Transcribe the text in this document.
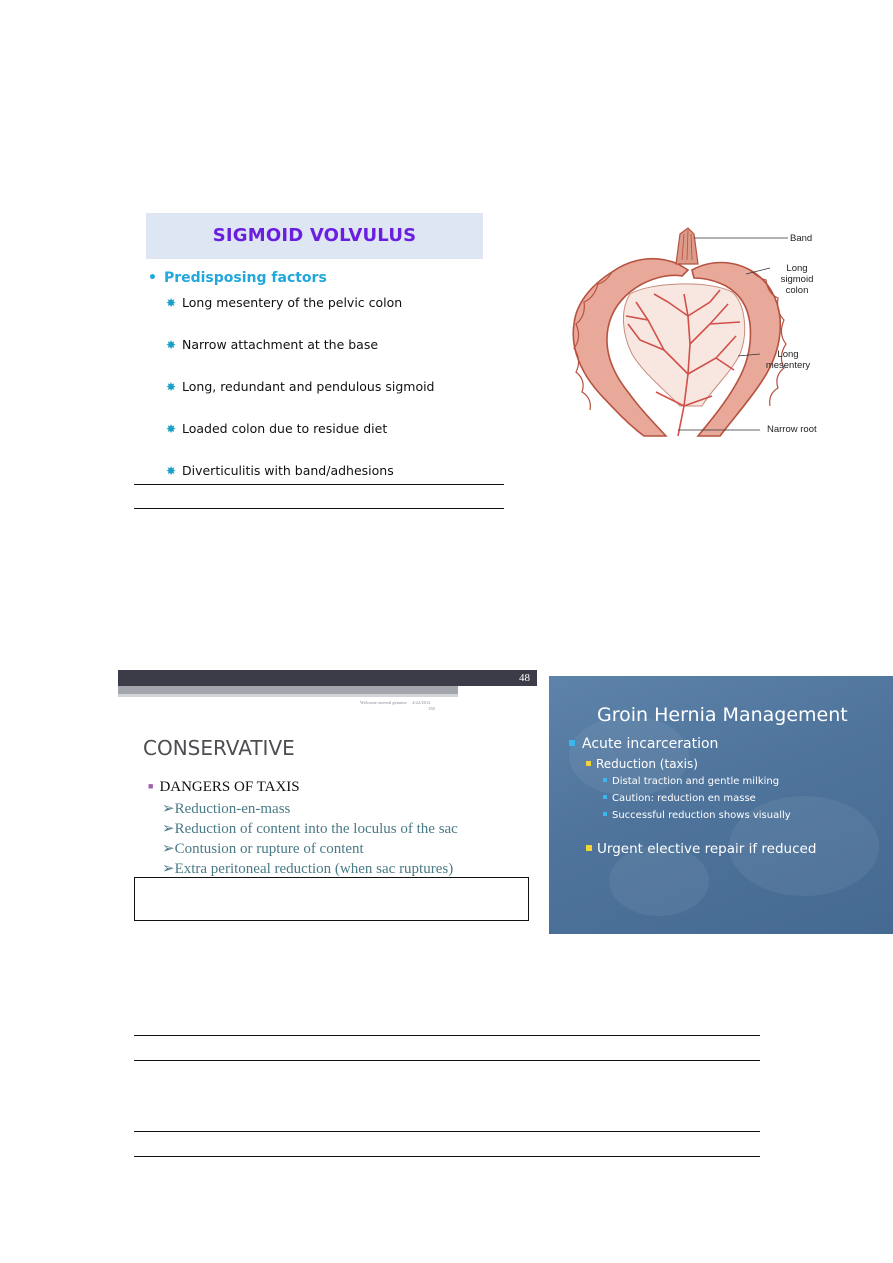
SIGMOID VOLVULUS
• Predisposing factors
✸ Long mesentery of the pelvic colon
✸ Narrow attachment at the base
✸ Long, redundant and pendulous sigmoid
✸ Loaded colon due to residue diet
✸ Diverticulitis with band/adhesions
Band
Long
sigmoid
colon
Long
mesentery
Narrow root
48
Welcome onereal genuine 4/22/2012
158
CONSERVATIVE
■ DANGERS OF TAXIS
➢Reduction-en-mass
➢Reduction of content into the loculus of the sac
➢Contusion or rupture of content
➢Extra peritoneal reduction (when sac ruptures)
Groin Hernia Management
Acute incarceration
Reduction (taxis)
Distal traction and gentle milking
Caution: reduction en masse
Successful reduction shows visually
Urgent elective repair if reduced
